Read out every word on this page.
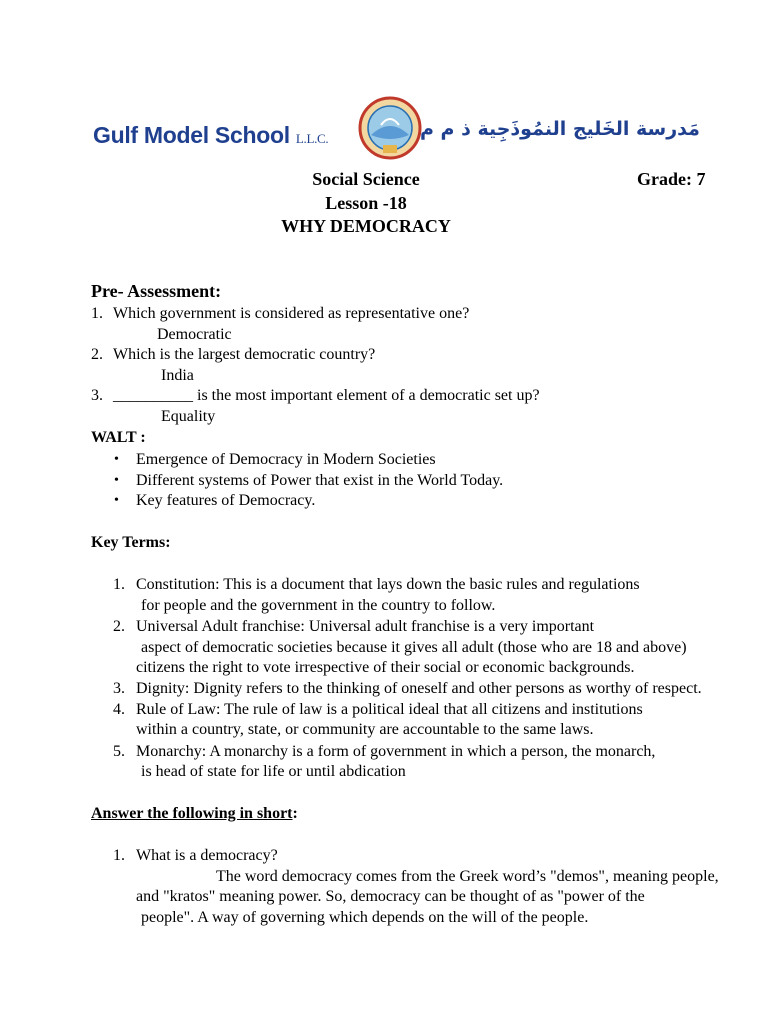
Gulf Model School L.L.C.	مَدرسة الخَليج النمُوذَجِية ذ م م
Social Science	Grade: 7
Lesson -18
WHY DEMOCRACY
Pre- Assessment:
1. Which government is considered as representative one?
Democratic
2. Which is the largest democratic country?
India
3. __________ is the most important element of a democratic set up?
Equality
WALT :
• Emergence of Democracy in Modern Societies
• Different systems of Power that exist in the World Today.
• Key features of Democracy.
Key Terms:
1. Constitution: This is a document that lays down the basic rules and regulations
for people and the government in the country to follow.
2. Universal Adult franchise: Universal adult franchise is a very important
aspect of democratic societies because it gives all adult (those who are 18 and above)
citizens the right to vote irrespective of their social or economic backgrounds.
3. Dignity: Dignity refers to the thinking of oneself and other persons as worthy of respect.
4. Rule of Law: The rule of law is a political ideal that all citizens and institutions
within a country, state, or community are accountable to the same laws.
5. Monarchy: A monarchy is a form of government in which a person, the monarch,
is head of state for life or until abdication
Answer the following in short:
1. What is a democracy?
The word democracy comes from the Greek word’s "demos", meaning people,
and "kratos" meaning power. So, democracy can be thought of as "power of the
people". A way of governing which depends on the will of the people.
